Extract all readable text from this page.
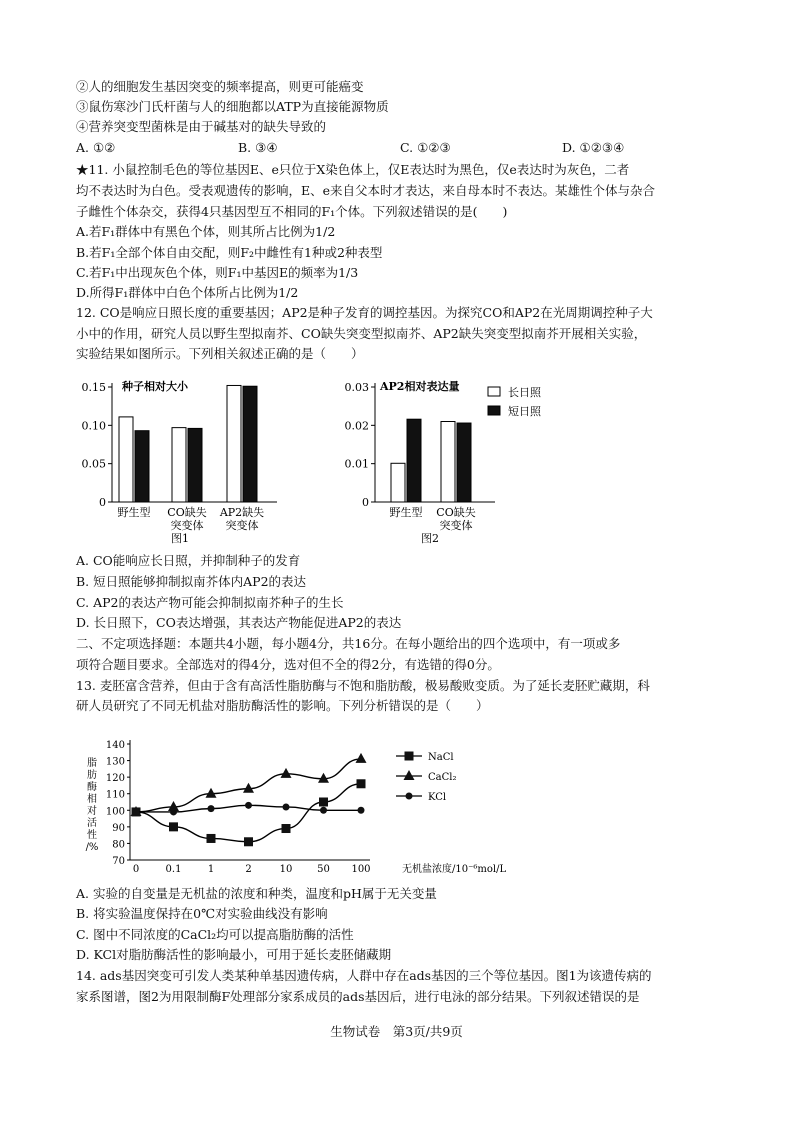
②人的细胞发生基因突变的频率提高，则更可能癌变
③鼠伤寒沙门氏杆菌与人的细胞都以ATP为直接能源物质
④营养突变型菌株是由于碱基对的缺失导致的
A. ①②	B. ③④	C. ①②③	D. ①②③④
★11. 小鼠控制毛色的等位基因E、e只位于X染色体上，仅E表达时为黑色，仅e表达时为灰色，二者
均不表达时为白色。受表观遗传的影响，E、e来自父本时才表达，来自母本时不表达。某雄性个体与杂合
子雌性个体杂交，获得4只基因型互不相同的F₁个体。下列叙述错误的是(　　)
A.若F₁群体中有黑色个体，则其所占比例为1/2
B.若F₁全部个体自由交配，则F₂中雌性有1种或2种表型
C.若F₁中出现灰色个体，则F₁中基因E的频率为1/3
D.所得F₁群体中白色个体所占比例为1/2
12. CO是响应日照长度的重要基因；AP2是种子发育的调控基因。为探究CO和AP2在光周期调控种子大
小中的作用，研究人员以野生型拟南芥、CO缺失突变型拟南芥、AP2缺失突变型拟南芥开展相关实验，
实验结果如图所示。下列相关叙述正确的是（　　）
0
0.05
0.10
0.15 种子相对大小
野生型 CO缺失
突变体
AP2缺失
突变体
图1
0
0.01
0.02
0.03 AP2相对表达量
野生型 CO缺失
突变体
图2
长日照
短日照
A. CO能响应长日照，并抑制种子的发育
B. 短日照能够抑制拟南芥体内AP2的表达
C. AP2的表达产物可能会抑制拟南芥种子的生长
D. 长日照下，CO表达增强，其表达产物能促进AP2的表达
二、不定项选择题：本题共4小题，每小题4分，共16分。在每小题给出的四个选项中，有一项或多
项符合题目要求。全部选对的得4分，选对但不全的得2分，有选错的得0分。
13. 麦胚富含营养，但由于含有高活性脂肪酶与不饱和脂肪酸，极易酸败变质。为了延长麦胚贮藏期，科
研人员研究了不同无机盐对脂肪酶活性的影响。下列分析错误的是（　　）
70
80
90
100
110
120
130
140
0	0.1	1	2	10 50 100	无机盐浓度/10⁻⁶mol/L
脂
肪
酶
相
对
活
性
/%
NaCl
CaCl₂
KCl
A. 实验的自变量是无机盐的浓度和种类，温度和pH属于无关变量
B. 将实验温度保持在0℃对实验曲线没有影响
C. 图中不同浓度的CaCl₂均可以提高脂肪酶的活性
D. KCl对脂肪酶活性的影响最小，可用于延长麦胚储藏期
14. ads基因突变可引发人类某种单基因遗传病，人群中存在ads基因的三个等位基因。图1为该遗传病的
家系图谱，图2为用限制酶F处理部分家系成员的ads基因后，进行电泳的部分结果。下列叙述错误的是
生物试卷　第3页/共9页
